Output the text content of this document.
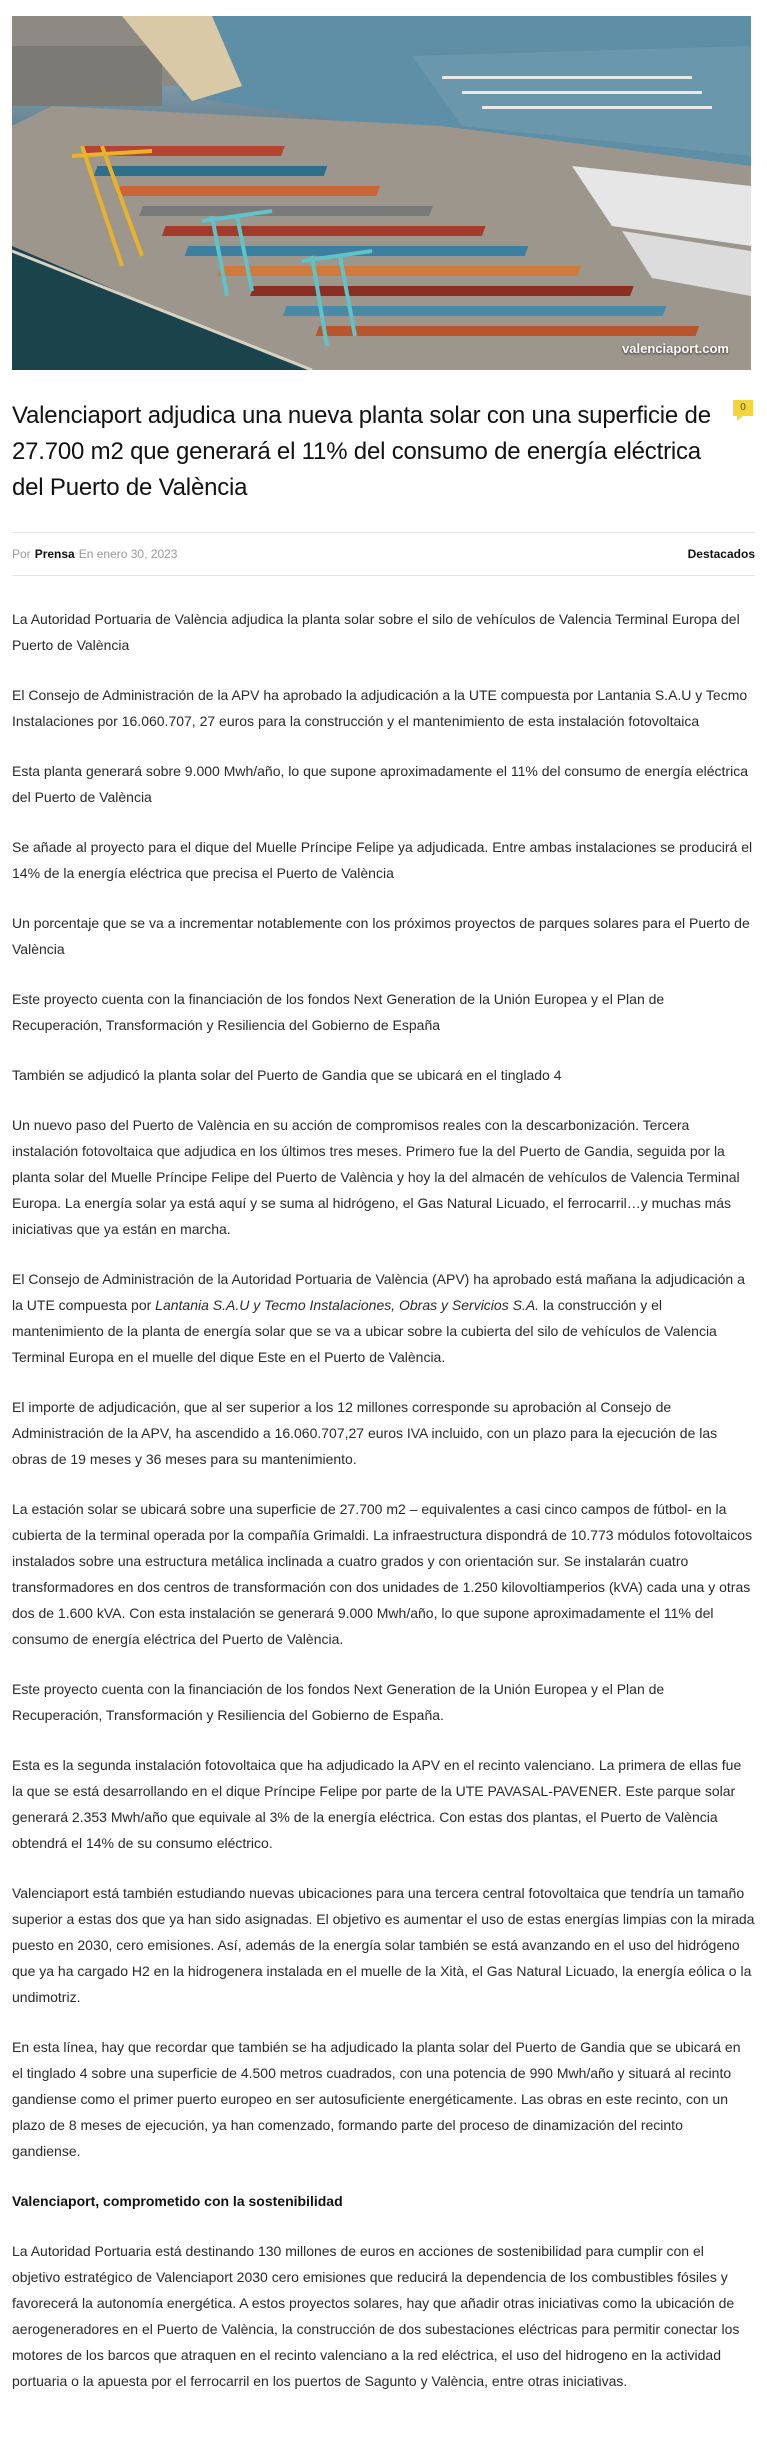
valenciaport.com
Valenciaport adjudica una nueva planta solar con una superficie de 27.700 m2 que generará el 11% del consumo de energía eléctrica del Puerto de València
0
Por Prensa En enero 30, 2023	Destacados

La Autoridad Portuaria de València adjudica la planta solar sobre el silo de vehículos de Valencia Terminal Europa del Puerto de València

El Consejo de Administración de la APV ha aprobado la adjudicación a la UTE compuesta por Lantania S.A.U y Tecmo Instalaciones por 16.060.707, 27 euros para la construcción y el mantenimiento de esta instalación fotovoltaica

Esta planta generará sobre 9.000 Mwh/año, lo que supone aproximadamente el 11% del consumo de energía eléctrica del Puerto de València

Se añade al proyecto para el dique del Muelle Príncipe Felipe ya adjudicada. Entre ambas instalaciones se producirá el 14% de la energía eléctrica que precisa el Puerto de València

Un porcentaje que se va a incrementar notablemente con los próximos proyectos de parques solares para el Puerto de València

Este proyecto cuenta con la financiación de los fondos Next Generation de la Unión Europea y el Plan de Recuperación, Transformación y Resiliencia del Gobierno de España

También se adjudicó la planta solar del Puerto de Gandia que se ubicará en el tinglado 4

Un nuevo paso del Puerto de València en su acción de compromisos reales con la descarbonización. Tercera instalación fotovoltaica que adjudica en los últimos tres meses. Primero fue la del Puerto de Gandia, seguida por la planta solar del Muelle Príncipe Felipe del Puerto de València y hoy la del almacén de vehículos de Valencia Terminal Europa. La energía solar ya está aquí y se suma al hidrógeno, el Gas Natural Licuado, el ferrocarril…y muchas más iniciativas que ya están en marcha.

El Consejo de Administración de la Autoridad Portuaria de València (APV) ha aprobado está mañana la adjudicación a la UTE compuesta por Lantania S.A.U y Tecmo Instalaciones, Obras y Servicios S.A. la construcción y el mantenimiento de la planta de energía solar que se va a ubicar sobre la cubierta del silo de vehículos de Valencia Terminal Europa en el muelle del dique Este en el Puerto de València.

El importe de adjudicación, que al ser superior a los 12 millones corresponde su aprobación al Consejo de Administración de la APV, ha ascendido a 16.060.707,27 euros IVA incluido, con un plazo para la ejecución de las obras de 19 meses y 36 meses para su mantenimiento.

La estación solar se ubicará sobre una superficie de 27.700 m2 – equivalentes a casi cinco campos de fútbol- en la cubierta de la terminal operada por la compañía Grimaldi. La infraestructura dispondrá de 10.773 módulos fotovoltaicos instalados sobre una estructura metálica inclinada a cuatro grados y con orientación sur. Se instalarán cuatro transformadores en dos centros de transformación con dos unidades de 1.250 kilovoltiamperios (kVA) cada una y otras dos de 1.600 kVA. Con esta instalación se generará 9.000 Mwh/año, lo que supone aproximadamente el 11% del consumo de energía eléctrica del Puerto de València.

Este proyecto cuenta con la financiación de los fondos Next Generation de la Unión Europea y el Plan de Recuperación, Transformación y Resiliencia del Gobierno de España.

Esta es la segunda instalación fotovoltaica que ha adjudicado la APV en el recinto valenciano. La primera de ellas fue la que se está desarrollando en el dique Príncipe Felipe por parte de la UTE PAVASAL-PAVENER. Este parque solar generará 2.353 Mwh/año que equivale al 3% de la energía eléctrica. Con estas dos plantas, el Puerto de València obtendrá el 14% de su consumo eléctrico.

Valenciaport está también estudiando nuevas ubicaciones para una tercera central fotovoltaica que tendría un tamaño superior a estas dos que ya han sido asignadas. El objetivo es aumentar el uso de estas energías limpias con la mirada puesto en 2030, cero emisiones. Así, además de la energía solar también se está avanzando en el uso del hidrógeno que ya ha cargado H2 en la hidrogenera instalada en el muelle de la Xità, el Gas Natural Licuado, la energía eólica o la undimotriz.

En esta línea, hay que recordar que también se ha adjudicado la planta solar del Puerto de Gandia que se ubicará en el tinglado 4 sobre una superficie de 4.500 metros cuadrados, con una potencia de 990 Mwh/año y situará al recinto gandiense como el primer puerto europeo en ser autosuficiente energéticamente. Las obras en este recinto, con un plazo de 8 meses de ejecución, ya han comenzado, formando parte del proceso de dinamización del recinto gandiense.

Valenciaport, comprometido con la sostenibilidad

La Autoridad Portuaria está destinando 130 millones de euros en acciones de sostenibilidad para cumplir con el objetivo estratégico de Valenciaport 2030 cero emisiones que reducirá la dependencia de los combustibles fósiles y favorecerá la autonomía energética. A estos proyectos solares, hay que añadir otras iniciativas como la ubicación de aerogeneradores en el Puerto de València, la construcción de dos subestaciones eléctricas para permitir conectar los motores de los barcos que atraquen en el recinto valenciano a la red eléctrica, el uso del hidrogeno en la actividad portuaria o la apuesta por el ferrocarril en los puertos de Sagunto y València, entre otras iniciativas.
